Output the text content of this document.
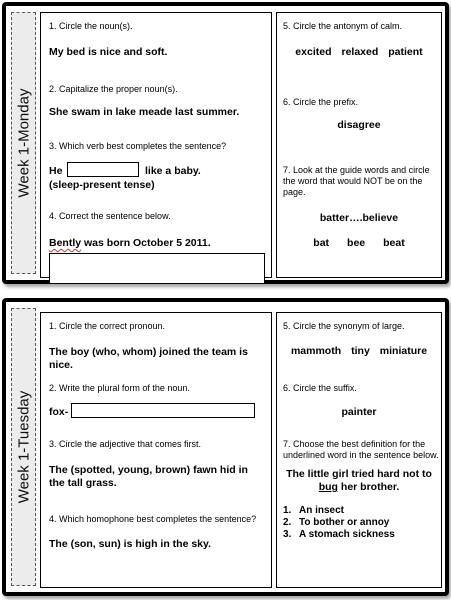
Week 1-Monday
1. Circle the noun(s).
My bed is nice and soft.
2. Capitalize the proper noun(s).
She swam in lake meade last summer.
3. Which verb best completes the sentence?
He	like a baby.
(sleep-present tense)
4. Correct the sentence below.
Bently was born October 5 2011.
5. Circle the antonym of calm.
excited relaxed patient
6. Circle the prefix.
disagree
7. Look at the guide words and circle the word that would NOT be on the page.
batter….believe
bat bee beat
Week 1-Tuesday
1. Circle the correct pronoun.
The boy (who, whom) joined the team is nice.
2. Write the plural form of the noun.
fox-
3. Circle the adjective that comes first.
The (spotted, young, brown) fawn hid in the tall grass.
4. Which homophone best completes the sentence?
The (son, sun) is high in the sky.
5. Circle the synonym of large.
mammoth tiny miniature
6. Circle the suffix.
painter
7. Choose the best definition for the underlined word in the sentence below.
The little girl tried hard not to bug her brother.
1. An insect
2. To bother or annoy
3. A stomach sickness
